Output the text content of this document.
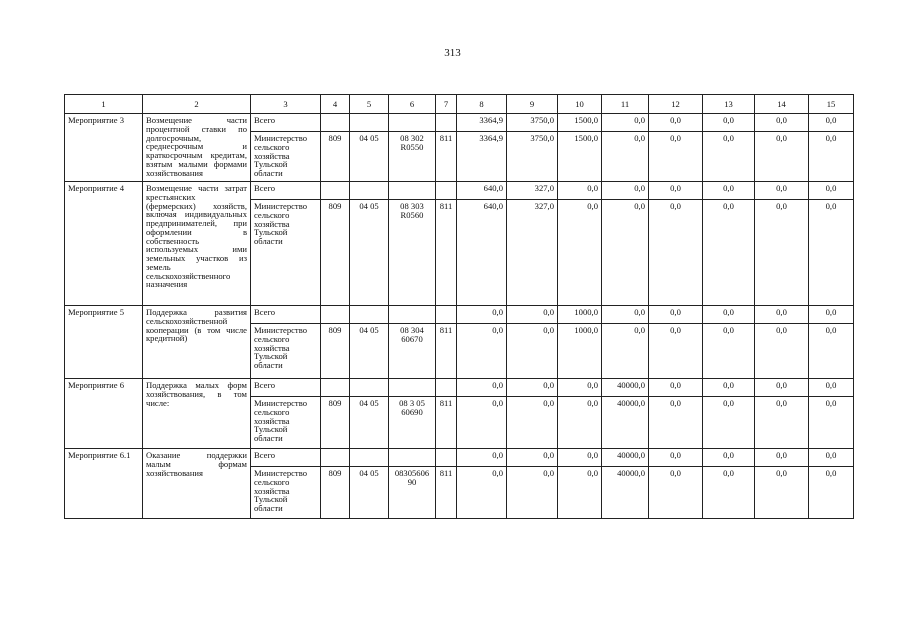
313
1	2	3	4	5	6	7	8	9	10	11	12	13	14	15
Мероприятие 3	Возмещение части процентной ставки по долгосрочным, среднесрочным и краткосрочным кредитам, взятым малыми формами хозяйствования	Всего					3364,9	3750,0	1500,0	0,0	0,0	0,0	0,0	0,0
		Министерство сельского хозяйства Тульской области	809	04 05	08 302 R0550	811	3364,9	3750,0	1500,0	0,0	0,0	0,0	0,0	0,0
Мероприятие 4	Возмещение части затрат крестьянских (фермерских) хозяйств, включая индивидуальных предпринимателей, при оформлении в собственность используемых ими земельных участков из земель сельскохозяйственного назначения	Всего					640,0	327,0	0,0	0,0	0,0	0,0	0,0	0,0
		Министерство сельского хозяйства Тульской области	809	04 05	08 303 R0560	811	640,0	327,0	0,0	0,0	0,0	0,0	0,0	0,0
Мероприятие 5	Поддержка развития сельскохозяйственной кооперации (в том числе кредитной)	Всего					0,0	0,0	1000,0	0,0	0,0	0,0	0,0	0,0
		Министерство сельского хозяйства Тульской области	809	04 05	08 304 60670	811	0,0	0,0	1000,0	0,0	0,0	0,0	0,0	0,0
Мероприятие 6	Поддержка малых форм хозяйствования, в том числе:	Всего					0,0	0,0	0,0	40000,0	0,0	0,0	0,0	0,0
		Министерство сельского хозяйства Тульской области	809	04 05	08 3 05 60690	811	0,0	0,0	0,0	40000,0	0,0	0,0	0,0	0,0
Мероприятие 6.1	Оказание поддержки малым формам хозяйствования	Всего					0,0	0,0	0,0	40000,0	0,0	0,0	0,0	0,0
		Министерство сельского хозяйства Тульской области	809	04 05	08305606 90	811	0,0	0,0	0,0	40000,0	0,0	0,0	0,0	0,0
